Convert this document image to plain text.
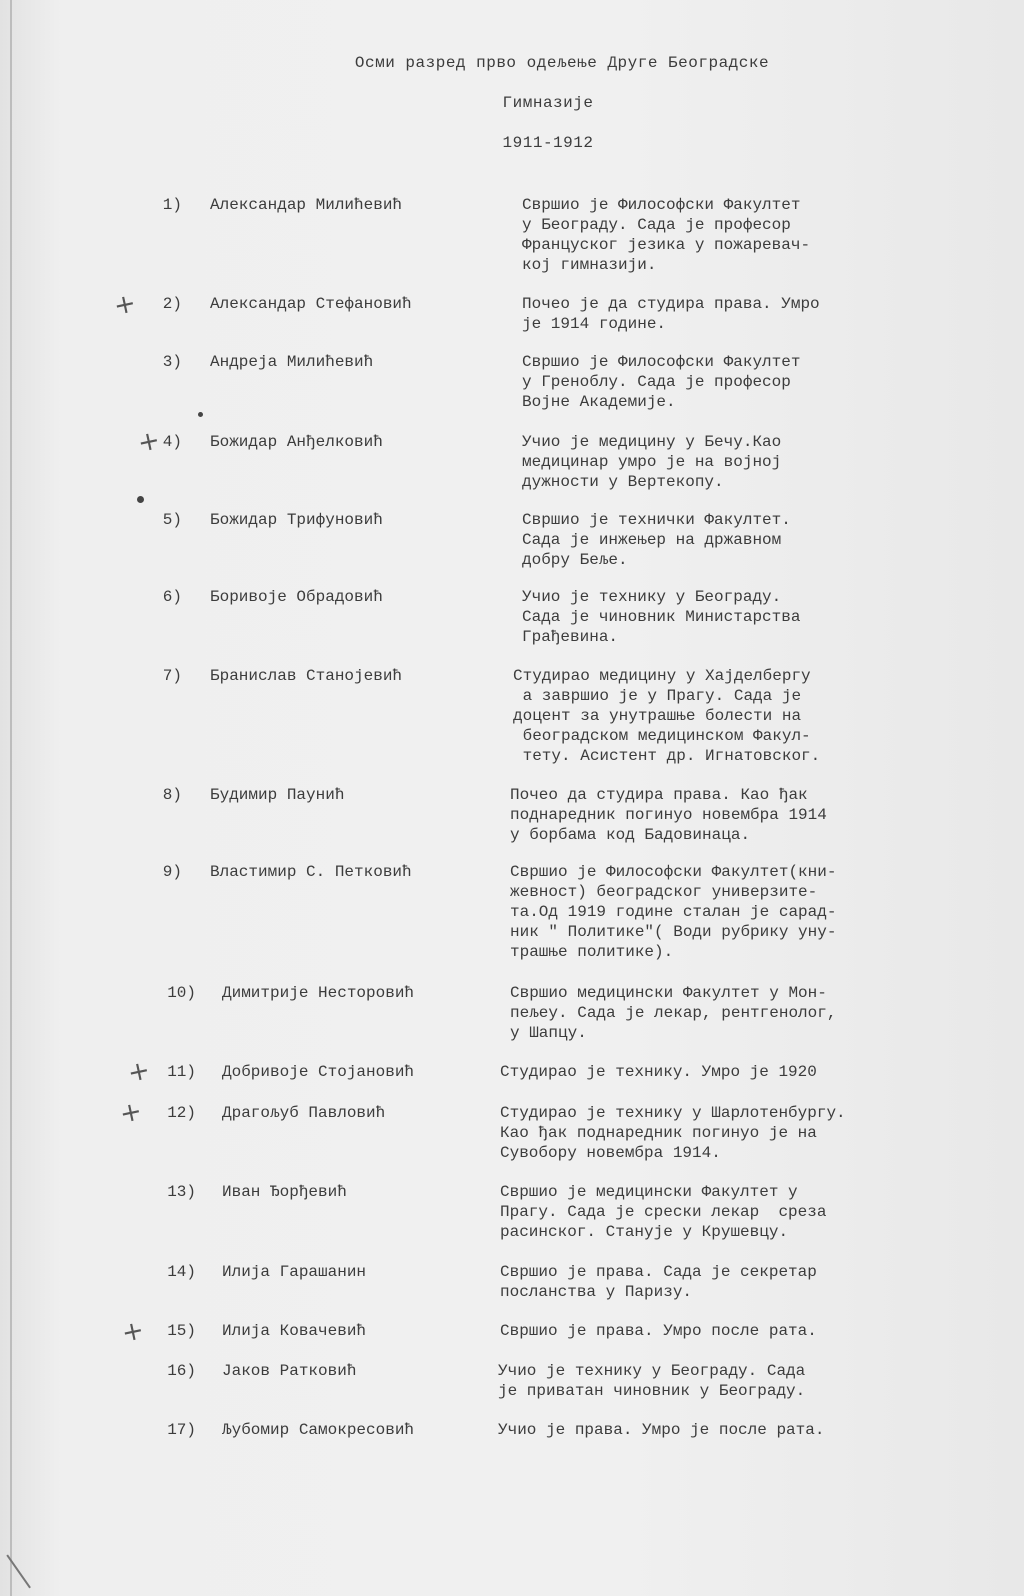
Осми разред прво одељење Друге Београдске
Гимназије
1911-1912
1) Александар Милићевић	Свршио је Философски Факултет
у Београду. Сада је професор
Француског језика у пожаревач-
кој гимназији.
2) Александар Стефановић	Почео је да студира права. Умро
је 1914 године.
3) Андреја Милићевић	Свршио је Философски Факултет
у Греноблу. Сада је професор
Војне Академије.
4) Божидар Анђелковић	Учио је медицину у Бечу.Као
медицинар умро је на војној
дужности у Вертекопу.
5) Божидар Трифуновић	Свршио је технички Факултет.
Сада је инжењер на државном
добру Беље.
6) Боривоје Обрадовић	Учио је технику у Београду.
Сада је чиновник Министарства
Грађевина.
7) Бранислав Станојевић	Студирао медицину у Хајделбергу
а завршио је у Прагу. Сада је
доцент за унутрашње болести на
београдском медицинском Факул-
тету. Асистент др. Игнатовског.
8) Будимир Паунић	Почео да студира права. Као ђак
поднаредник погинуо новембра 1914
у борбама код Бадовинаца.
9) Властимир С. Петковић	Свршио је Философски Факултет(кни-
жевност) београдског универзите-
та.Од 1919 године сталан је сарад-
ник " Политике"( Води рубрику уну-
трашње политике).
10) Димитрије Несторовић	Свршио медицински Факултет у Мон-
пељеу. Сада је лекар, рентгенолог,
у Шапцу.
11) Добривоје Стојановић	Студирао је технику. Умро је 1920
12) Драгољуб Павловић	Студирао је технику у Шарлотенбургу.
Као ђак поднаредник погинуо је на
Сувобору новембра 1914.
13) Иван Ђорђевић	Свршио је медицински Факултет у
Прагу. Сада је срески лекар  среза
расинског. Станује у Крушевцу.
14) Илија Гарашанин	Свршио је права. Сада је секретар
посланства у Паризу.
15) Илија Ковачевић	Свршио је права. Умро после рата.
16) Јаков Ратковић	Учио је технику у Београду. Сада
је приватан чиновник у Београду.
17) Љубомир Самокресовић	Учио је права. Умро је после рата.
+
+
+
+
+
